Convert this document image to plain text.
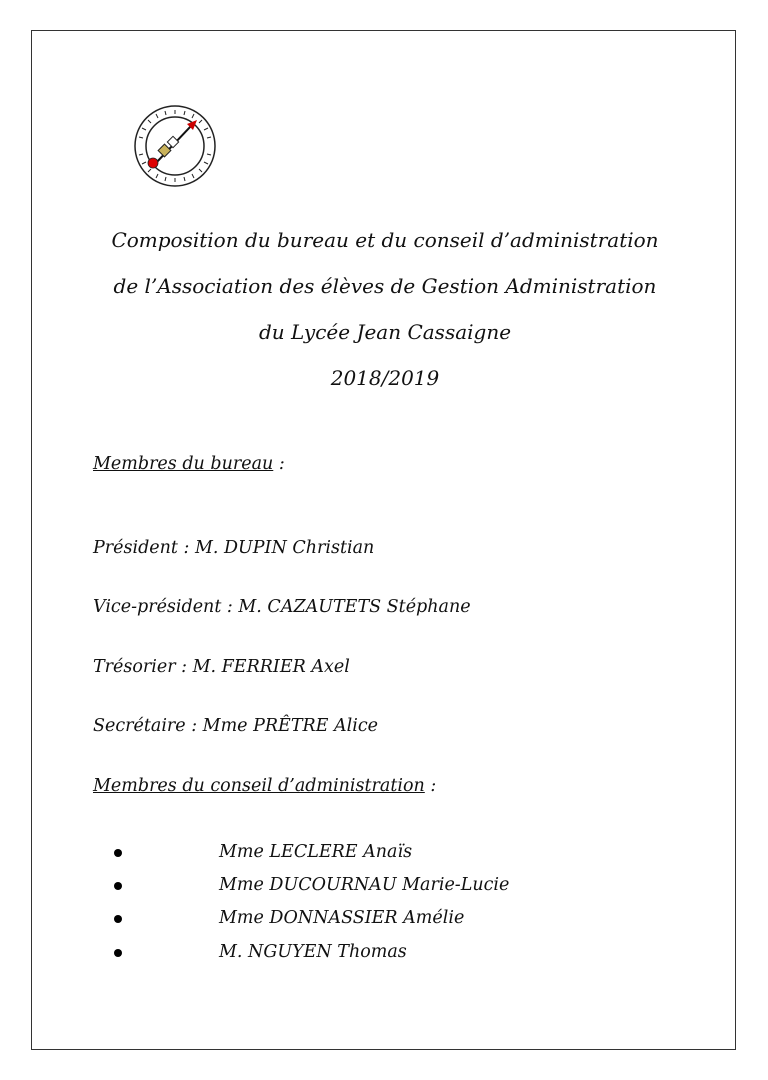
Composition du bureau et du conseil d’administration
de l’Association des élèves de Gestion Administration
du Lycée Jean Cassaigne
2018/2019
Membres du bureau :
Président : M. DUPIN Christian
Vice-président : M. CAZAUTETS Stéphane
Trésorier : M. FERRIER Axel
Secrétaire : Mme PRÊTRE Alice
Membres du conseil d’administration :
Mme LECLERE Anaïs
Mme DUCOURNAU Marie-Lucie
Mme DONNASSIER Amélie
M. NGUYEN Thomas
